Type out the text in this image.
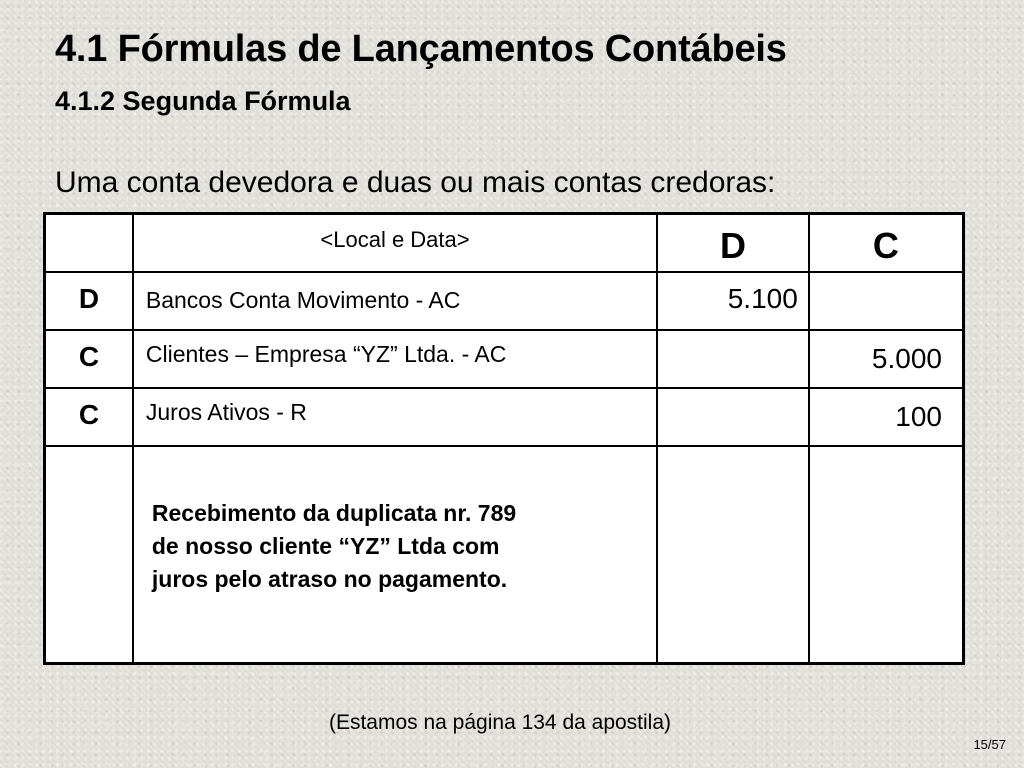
4.1 Fórmulas de Lançamentos Contábeis
4.1.2 Segunda Fórmula
Uma conta devedora e duas ou mais contas credoras:
	<Local e Data>	D	C
D	Bancos Conta Movimento - AC	5.100	
C	Clientes – Empresa “YZ” Ltda. - AC		5.000
C	Juros Ativos - R		100

	Recebimento da duplicata nr. 789
de nosso cliente “YZ” Ltda com
juros pelo atraso no pagamento.		

(Estamos na página 134 da apostila)
15/57
